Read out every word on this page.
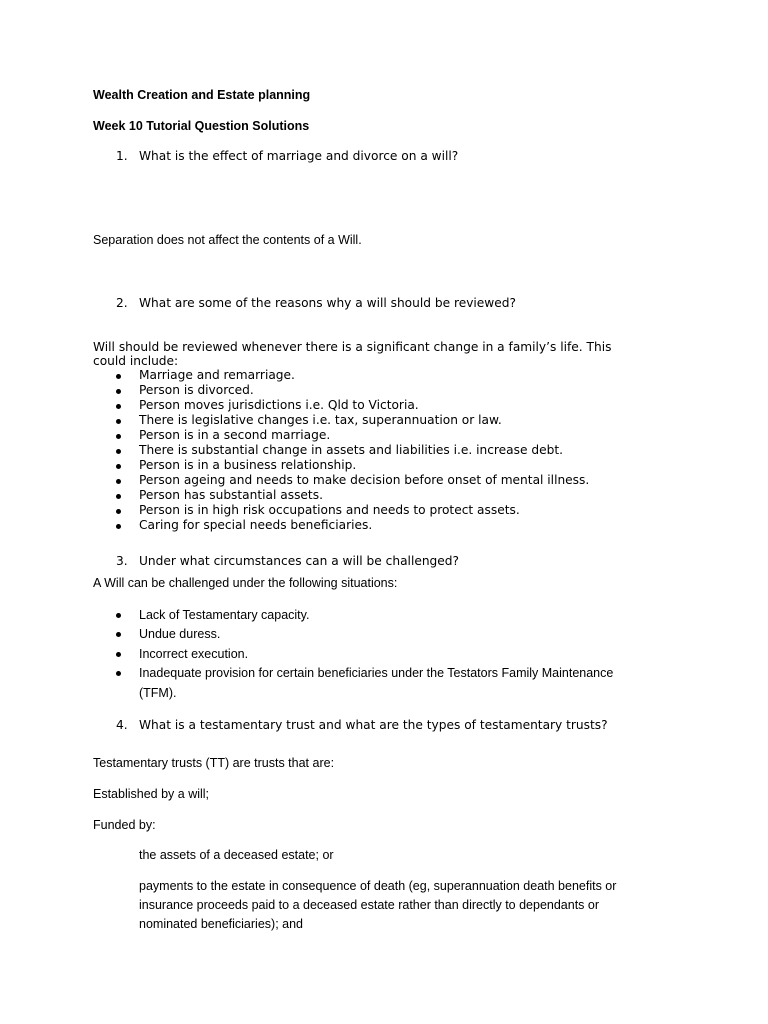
Wealth Creation and Estate planning
Week 10 Tutorial Question Solutions
1. What is the effect of marriage and divorce on a will?
Separation does not affect the contents of a Will.
2. What are some of the reasons why a will should be reviewed?
Will should be reviewed whenever there is a significant change in a family’s life. This
could include:
Marriage and remarriage.
Person is divorced.
Person moves jurisdictions i.e. Qld to Victoria.
There is legislative changes i.e. tax, superannuation or law.
Person is in a second marriage.
There is substantial change in assets and liabilities i.e. increase debt.
Person is in a business relationship.
Person ageing and needs to make decision before onset of mental illness.
Person has substantial assets.
Person is in high risk occupations and needs to protect assets.
Caring for special needs beneficiaries.
3. Under what circumstances can a will be challenged?
A Will can be challenged under the following situations:
Lack of Testamentary capacity.
Undue duress.
Incorrect execution.
Inadequate provision for certain beneficiaries under the Testators Family Maintenance
(TFM).
4. What is a testamentary trust and what are the types of testamentary trusts?
Testamentary trusts (TT) are trusts that are:
Established by a will;
Funded by:
the assets of a deceased estate; or
payments to the estate in consequence of death (eg, superannuation death benefits or
insurance proceeds paid to a deceased estate rather than directly to dependants or
nominated beneficiaries); and
